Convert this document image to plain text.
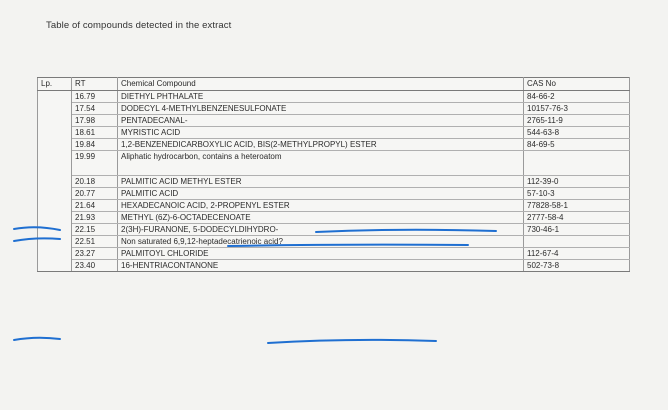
Table of compounds detected in the extract
Lp.	RT	Chemical Compound	CAS No
	16.79	DIETHYL PHTHALATE	84-66-2
	17.54	DODECYL 4-METHYLBENZENESULFONATE	10157-76-3
	17.98	PENTADECANAL-	2765-11-9
	18.61	MYRISTIC ACID	544-63-8
	19.84	1,2-BENZENEDICARBOXYLIC ACID, BIS(2-METHYLPROPYL) ESTER	84-69-5
	19.99	Aliphatic hydrocarbon, contains a heteroatom	
	20.18	PALMITIC ACID METHYL ESTER	112-39-0
	20.77	PALMITIC ACID	57-10-3
	21.64	HEXADECANOIC ACID, 2-PROPENYL ESTER	77828-58-1
	21.93	METHYL (6Z)-6-OCTADECENOATE	2777-58-4
	22.15	2(3H)-FURANONE, 5-DODECYLDIHYDRO-	730-46-1
	22.51	Non saturated 6,9,12-heptadecatrienoic acid?	
	23.27	PALMITOYL CHLORIDE	112-67-4
	23.40	16-HENTRIACONTANONE	502-73-8
